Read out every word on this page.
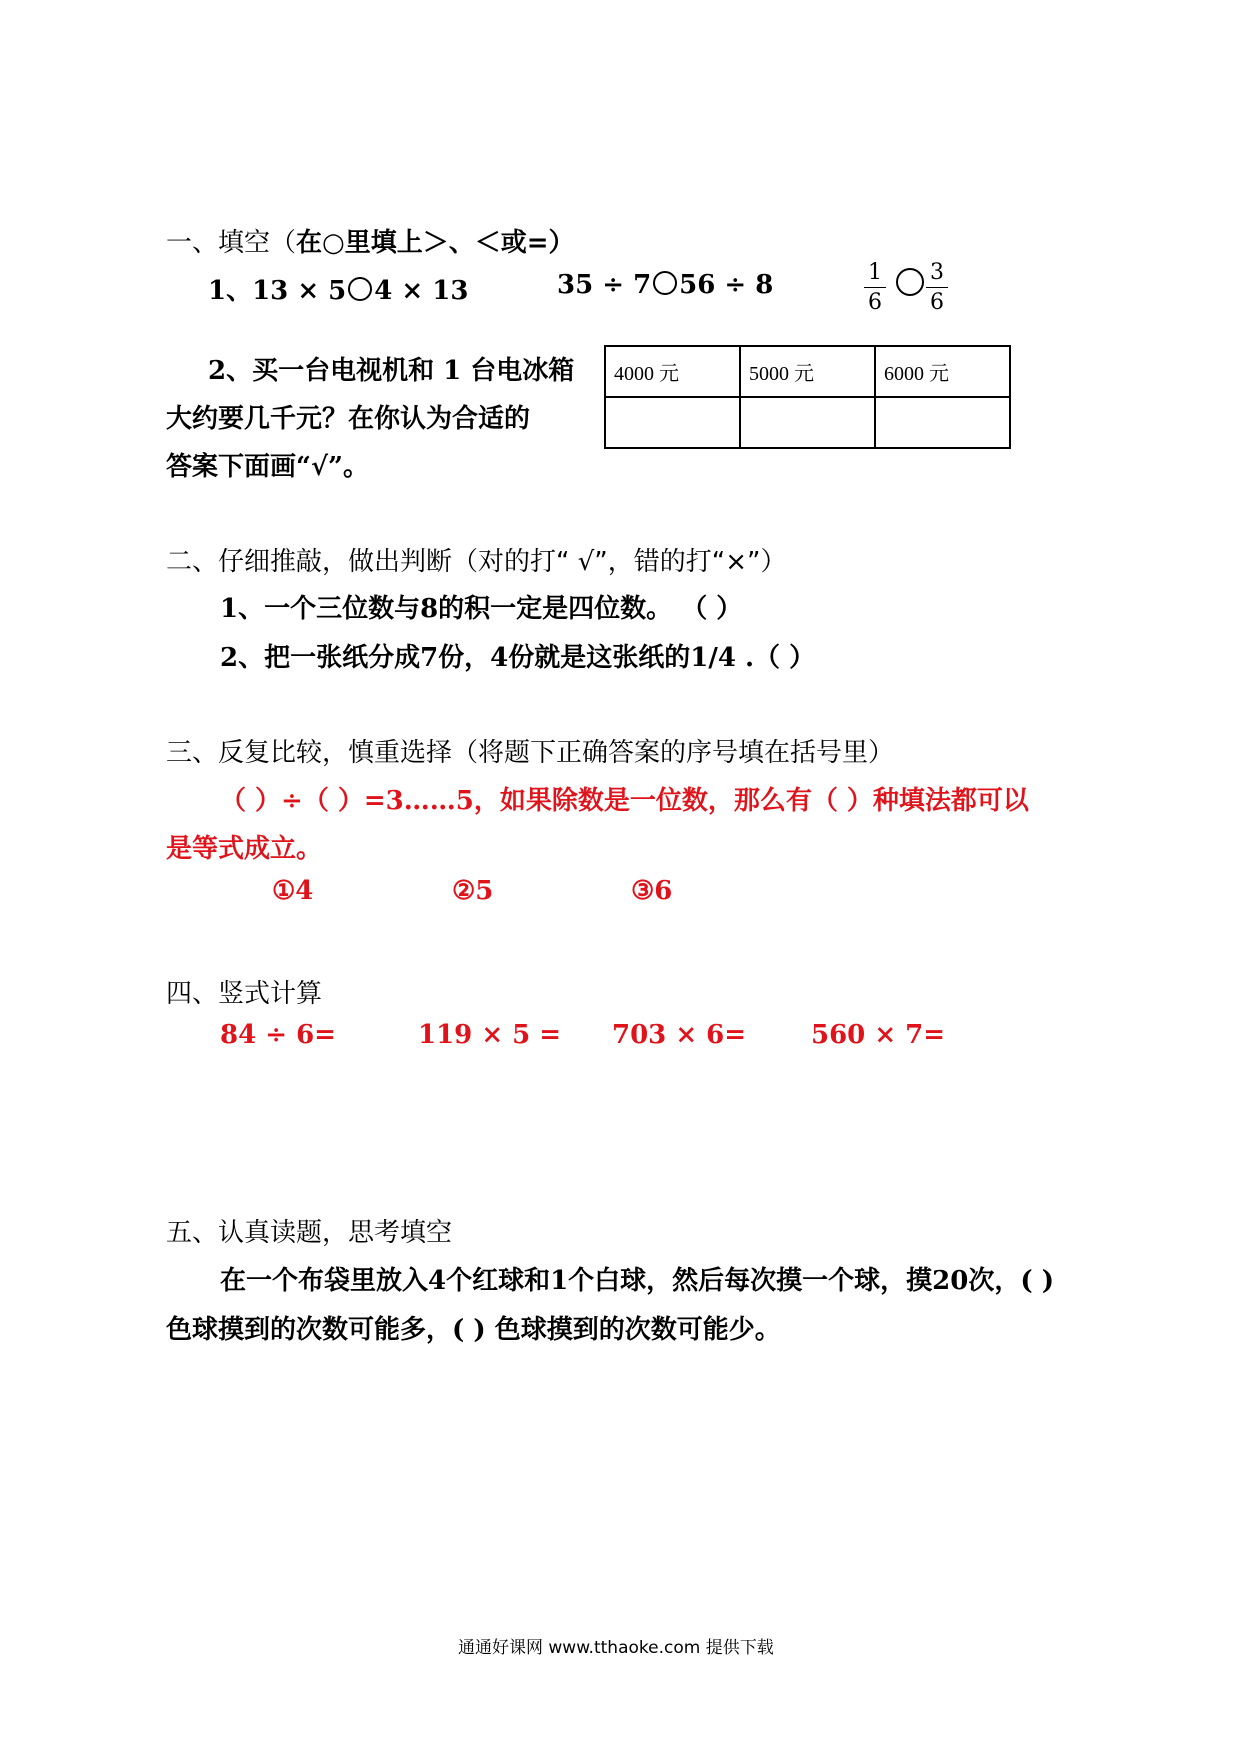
一、填空（在○里填上＞、＜或=）
1、13 × 5 4 × 13	35 ÷ 7 56 ÷ 8	$\frac{1}{6} \frac{3}{6}$
2、买一台电视机和 1 台电冰箱
大约要几千元？在你认为合适的
答案下面画“√”。
4000 元	5000 元	6000 元

二、仔细推敲，做出判断（对的打“ √”，错的打“×”）
1、一个三位数与8的积一定是四位数。 （ ）
2、把一张纸分成7份，4份就是这张纸的1/4 .（ ）
三、反复比较，慎重选择（将题下正确答案的序号填在括号里）
（ ）÷（ ）=3……5，如果除数是一位数，那么有（ ）种填法都可以
是等式成立。
①4	②5	③6
四、竖式计算
84 ÷ 6=	119 × 5 = 703 × 6= 560 × 7=
五、认真读题，思考填空
在一个布袋里放入4个红球和1个白球，然后每次摸一个球，摸20次，( )
色球摸到的次数可能多，( ) 色球摸到的次数可能少。
通通好课网 www.tthaoke.com 提供下载
